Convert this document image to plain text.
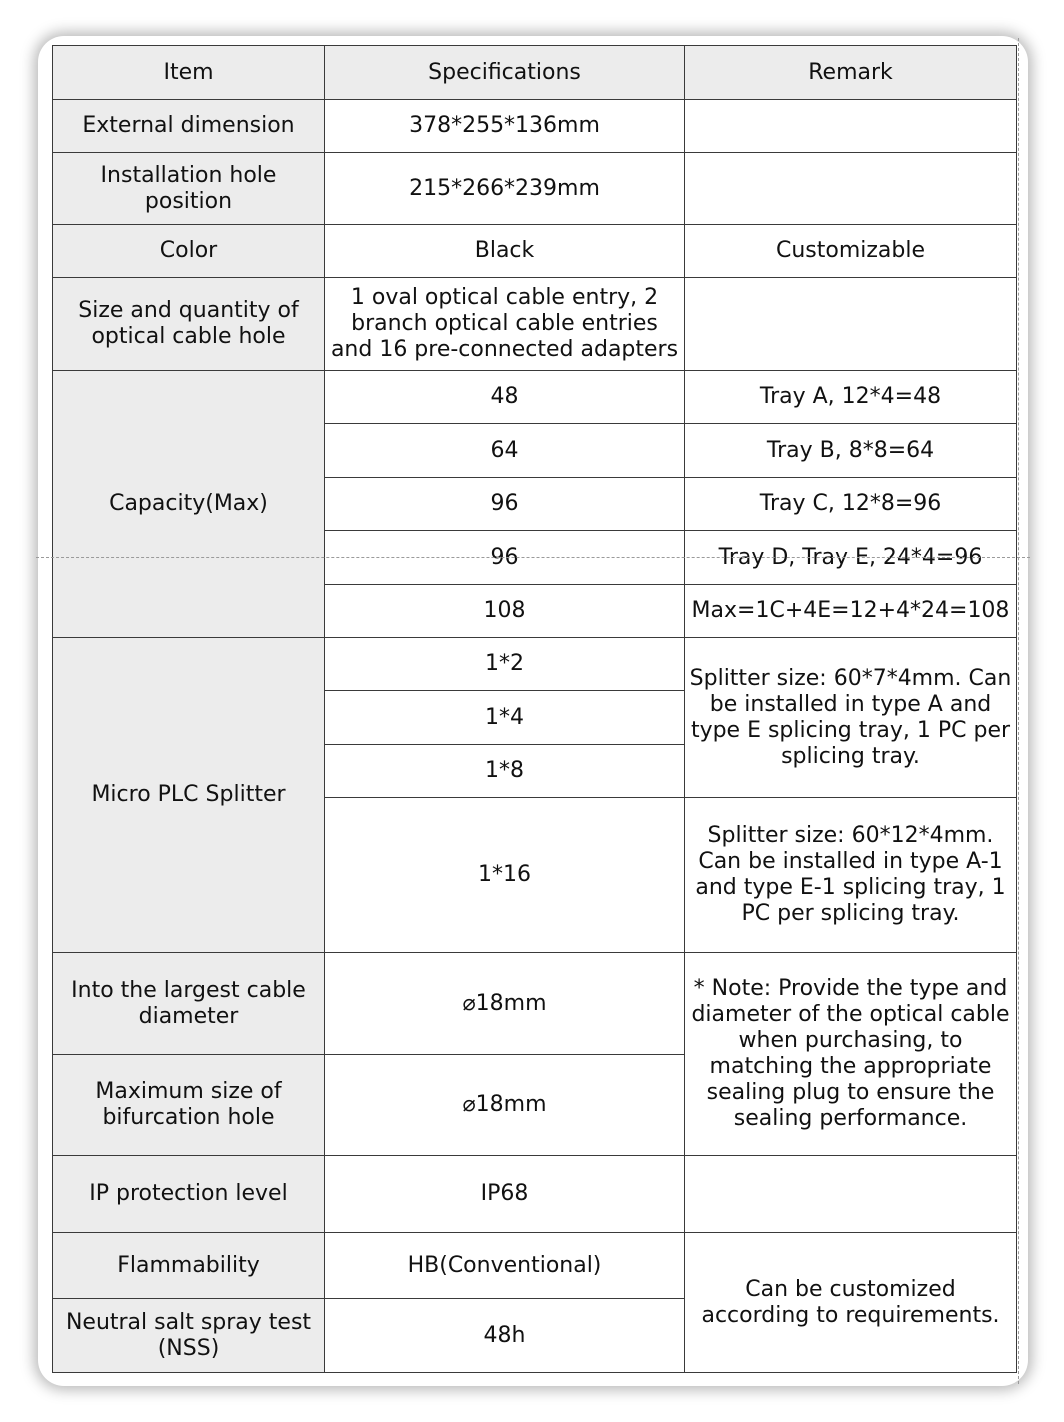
Item	Specifications	Remark
External dimension	378*255*136mm	
Installation hole position	215*266*239mm	
Color	Black	Customizable
Size and quantity of optical cable hole	1 oval optical cable entry, 2 branch optical cable entries and 16 pre-connected adapters	
Capacity(Max)	48	Tray A, 12*4=48
	64	Tray B, 8*8=64
	96	Tray C, 12*8=96
	96	Tray D, Tray E, 24*4=96
	108	Max=1C+4E=12+4*24=108
Micro PLC Splitter	1*2	Splitter size: 60*7*4mm. Can be installed in type A and type E splicing tray, 1 PC per splicing tray.
	1*4	
	1*8	
	1*16	Splitter size: 60*12*4mm. Can be installed in type A-1 and type E-1 splicing tray, 1 PC per splicing tray.
Into the largest cable diameter	⌀18mm	* Note: Provide the type and diameter of the optical cable when purchasing, to matching the appropriate sealing plug to ensure the sealing performance.
Maximum size of bifurcation hole	⌀18mm	
IP protection level	IP68	
Flammability	HB(Conventional)	Can be customized according to requirements.
Neutral salt spray test (NSS)	48h	
